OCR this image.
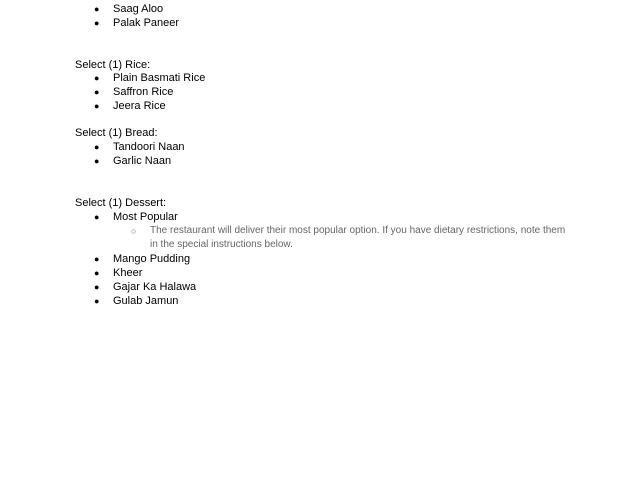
● Saag Aloo
● Palak Paneer
Select (1) Rice:
● Plain Basmati Rice
● Saffron Rice
● Jeera Rice
Select (1) Bread:
● Tandoori Naan
● Garlic Naan
Select (1) Dessert:
● Most Popular
○ The restaurant will deliver their most popular option. If you have dietary restrictions, note them in the special instructions below.
● Mango Pudding
● Kheer
● Gajar Ka Halawa
● Gulab Jamun
